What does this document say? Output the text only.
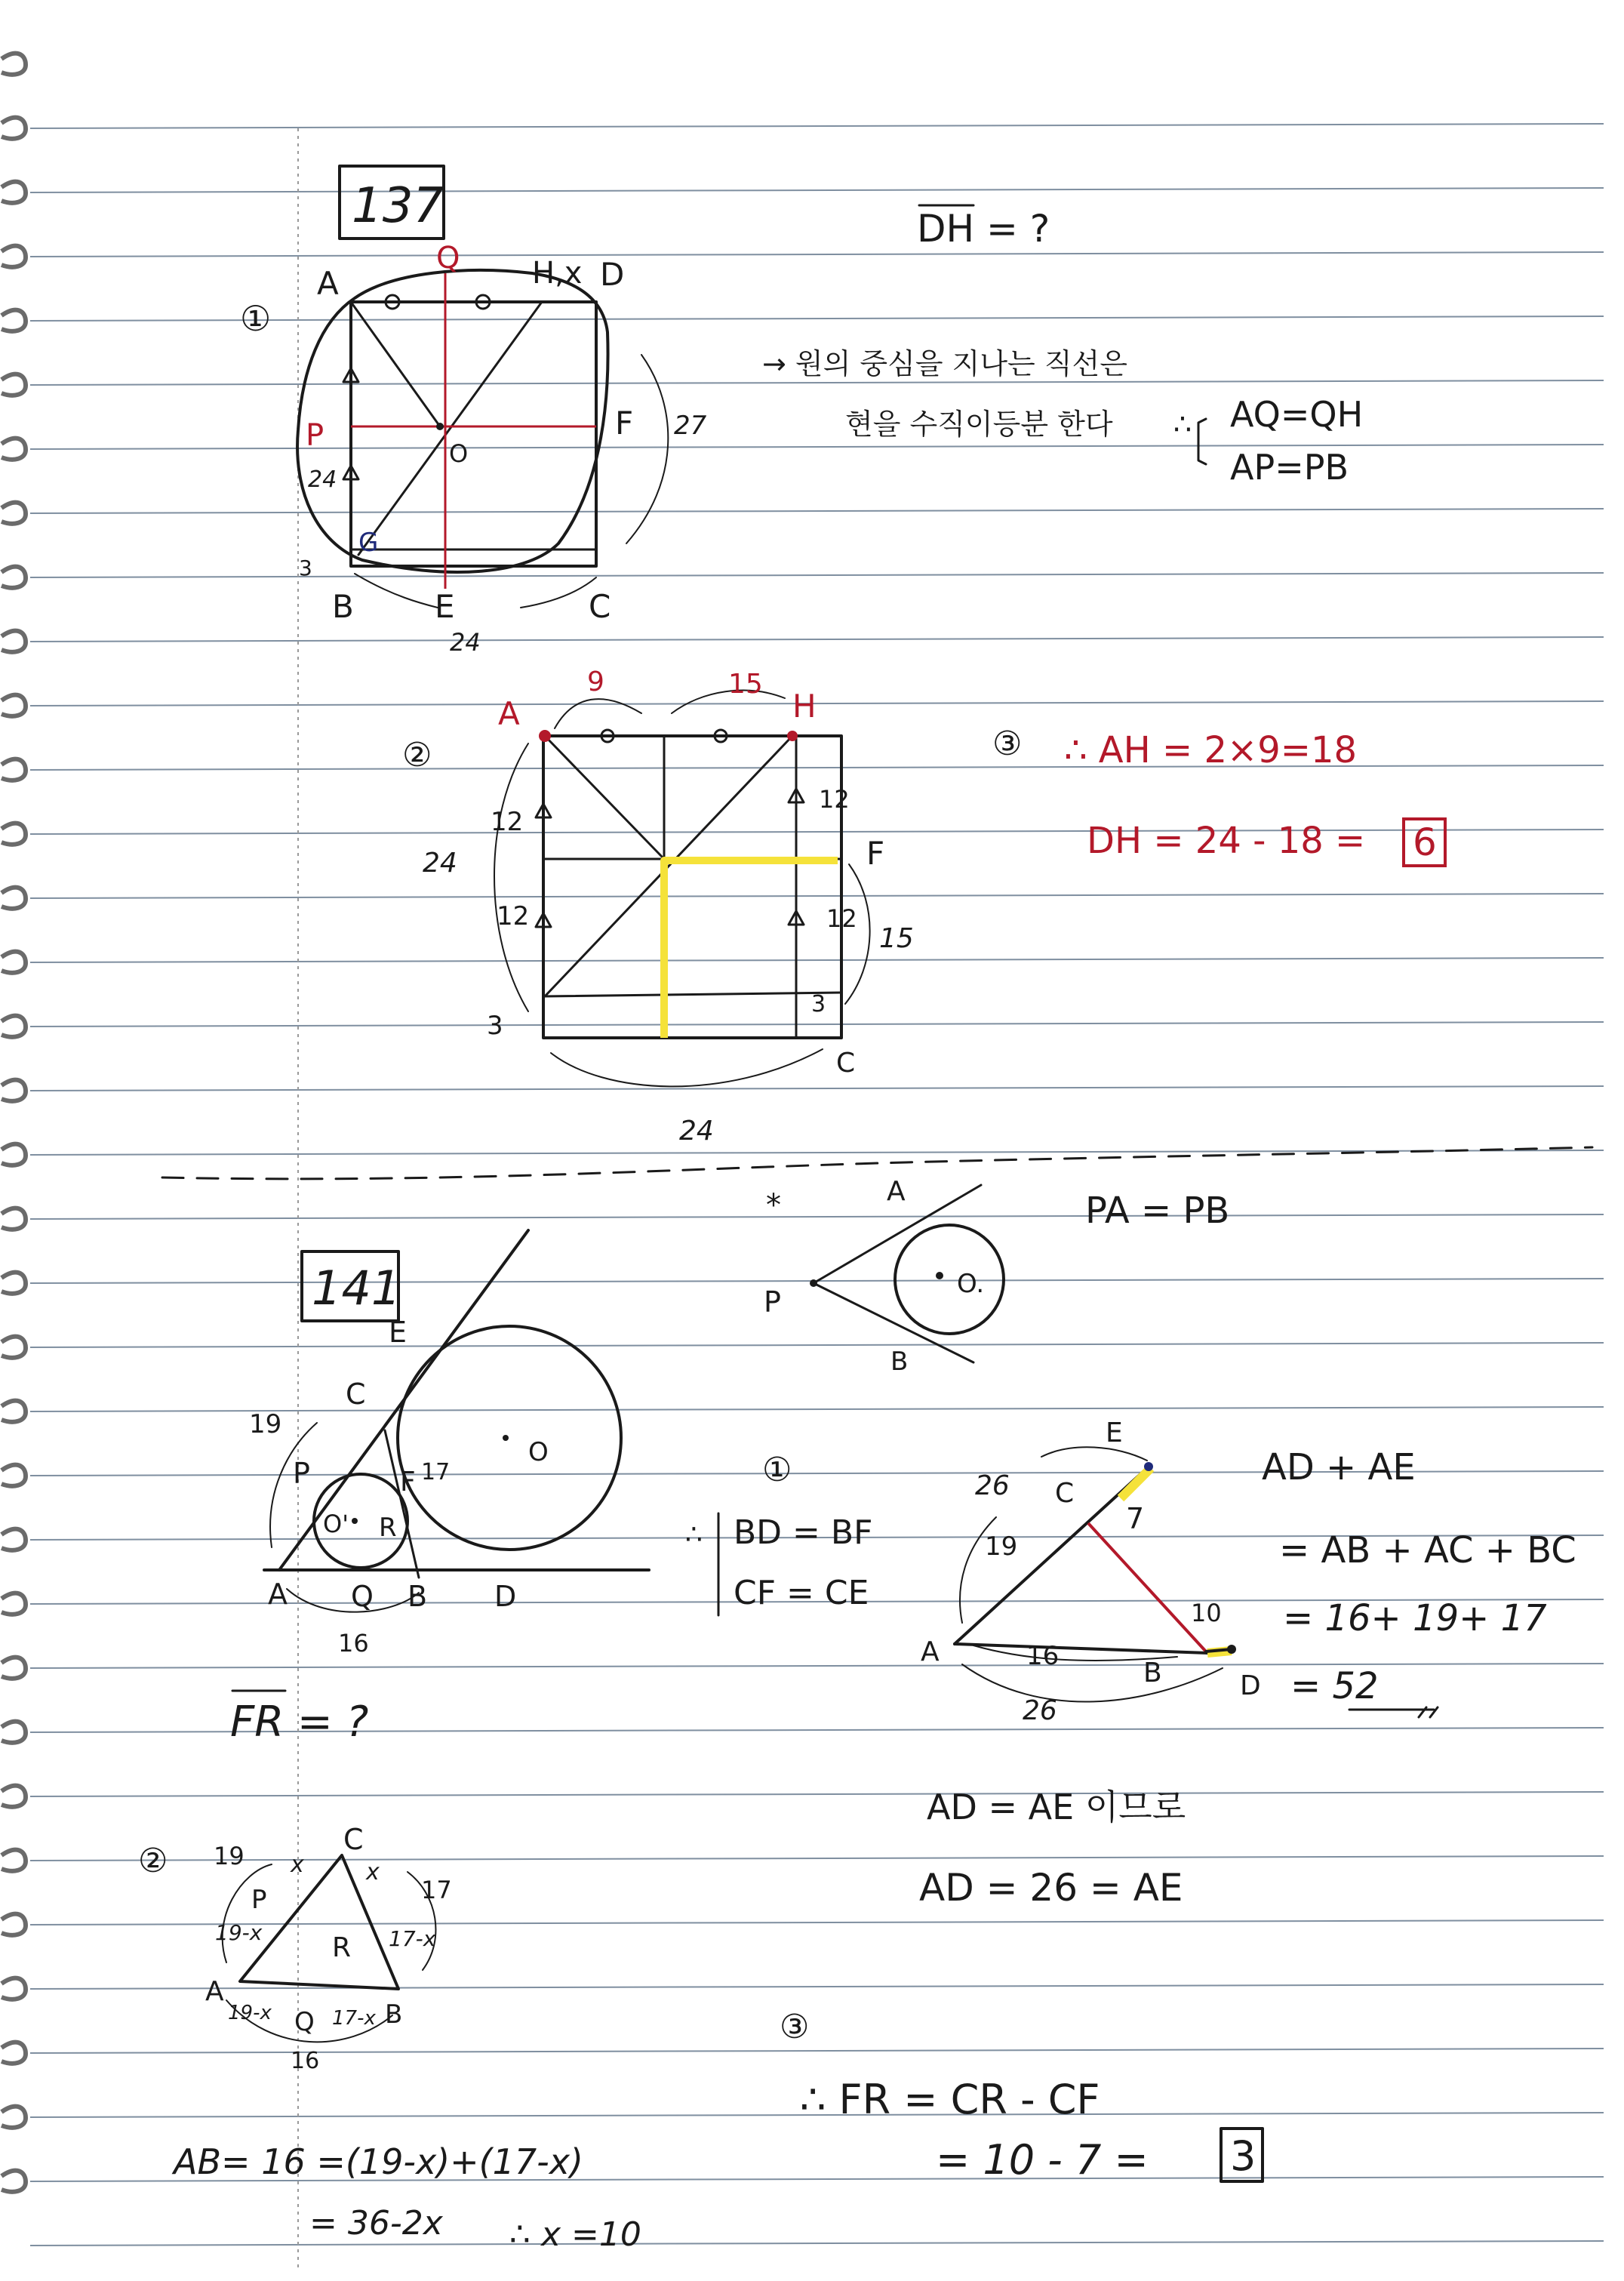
137
①
A
Q H,x D
P	F 27
O
24
G
3
B	E	C
24
DH = ?
→ 원의 중심을 지나는 직선은
현을 수직이등분 한다 ∴ AQ=QH
AP=PB
②
A
9	15
H
12
24
12
12
F
12
15
3
3
C
24
③ ∴ AH = 2×9=18
DH = 24 - 18 = 6
*	A
P
O.
B
PA = PB
141
E
C
19
P	F 17
O' R
O
A Q B D
16
FR = ?
①
∴ BD = BF
CF = CE
E
26 C
19
7
10
A	16
B	D
26
AD + AE
= AB + AC + BC
= 16+ 19+ 17
= 52
AD = AE 이므로
AD = 26 = AE
②
C
19 x	x
17
P
19-x	R 17-x
A
19-x Q 17-x B
16
AB= 16 =(19-x)+(17-x)
= 36-2x ∴ x =10
③
∴ FR = CR - CF
= 10 - 7 = 3
